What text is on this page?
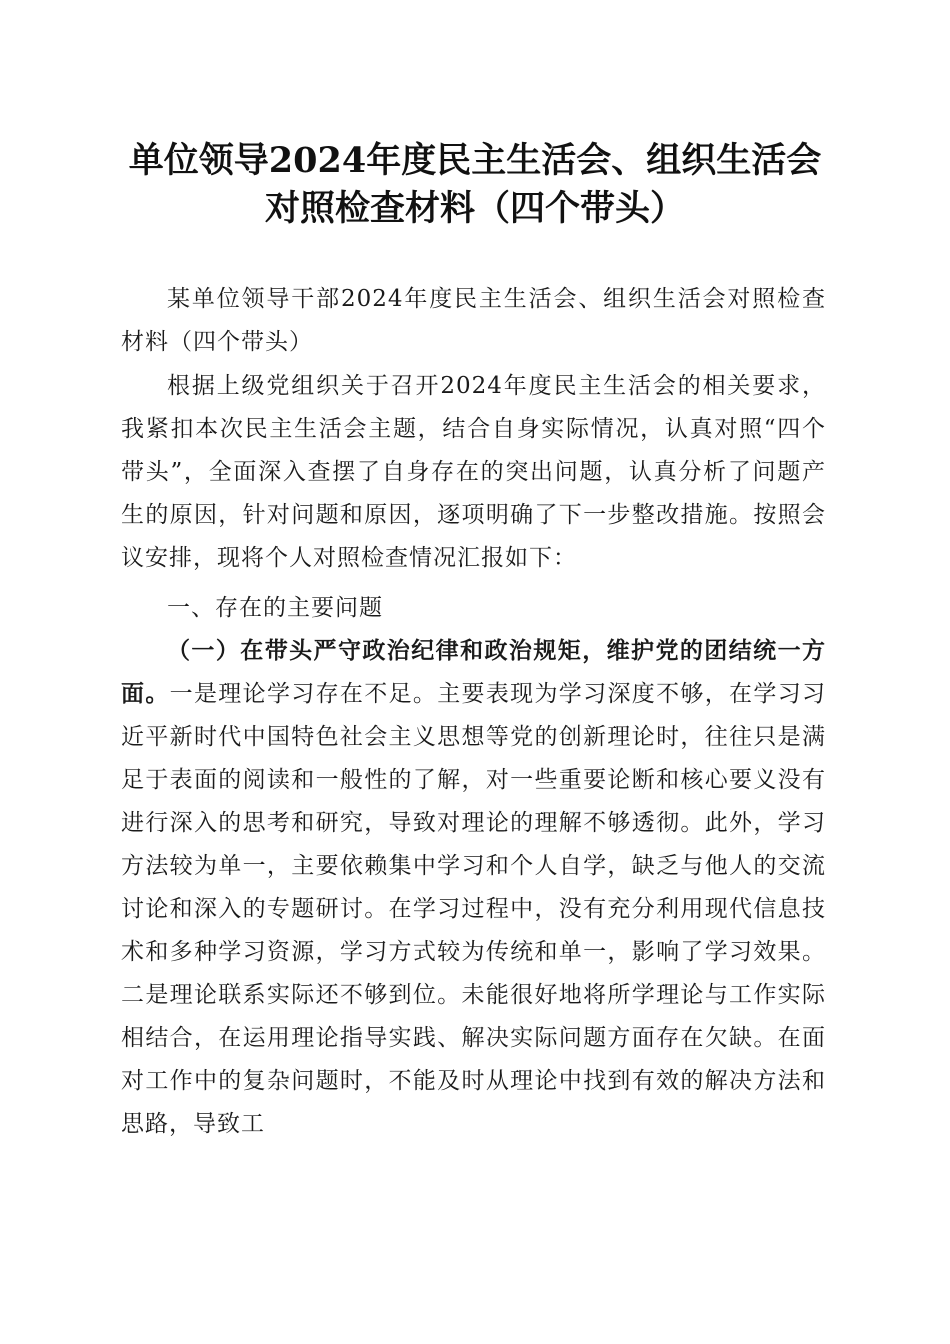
单位领导2024年度民主生活会、组织生活会
对照检查材料（四个带头）
某单位领导干部2024年度民主生活会、组织生活会对照检查材料（四个带头）
根据上级党组织关于召开2024年度民主生活会的相关要求，我紧扣本次民主生活会主题，结合自身实际情况，认真对照“四个带头”，全面深入查摆了自身存在的突出问题，认真分析了问题产生的原因，针对问题和原因，逐项明确了下一步整改措施。按照会议安排，现将个人对照检查情况汇报如下：
一、存在的主要问题
（一）在带头严守政治纪律和政治规矩，维护党的团结统一方面。一是理论学习存在不足。主要表现为学习深度不够，在学习习近平新时代中国特色社会主义思想等党的创新理论时，往往只是满足于表面的阅读和一般性的了解，对一些重要论断和核心要义没有进行深入的思考和研究，导致对理论的理解不够透彻。此外，学习方法较为单一，主要依赖集中学习和个人自学，缺乏与他人的交流讨论和深入的专题研讨。在学习过程中，没有充分利用现代信息技术和多种学习资源，学习方式较为传统和单一，影响了学习效果。二是理论联系实际还不够到位。未能很好地将所学理论与工作实际相结合，在运用理论指导实践、解决实际问题方面存在欠缺。在面对工作中的复杂问题时，不能及时从理论中找到有效的解决方法和思路，导致工
